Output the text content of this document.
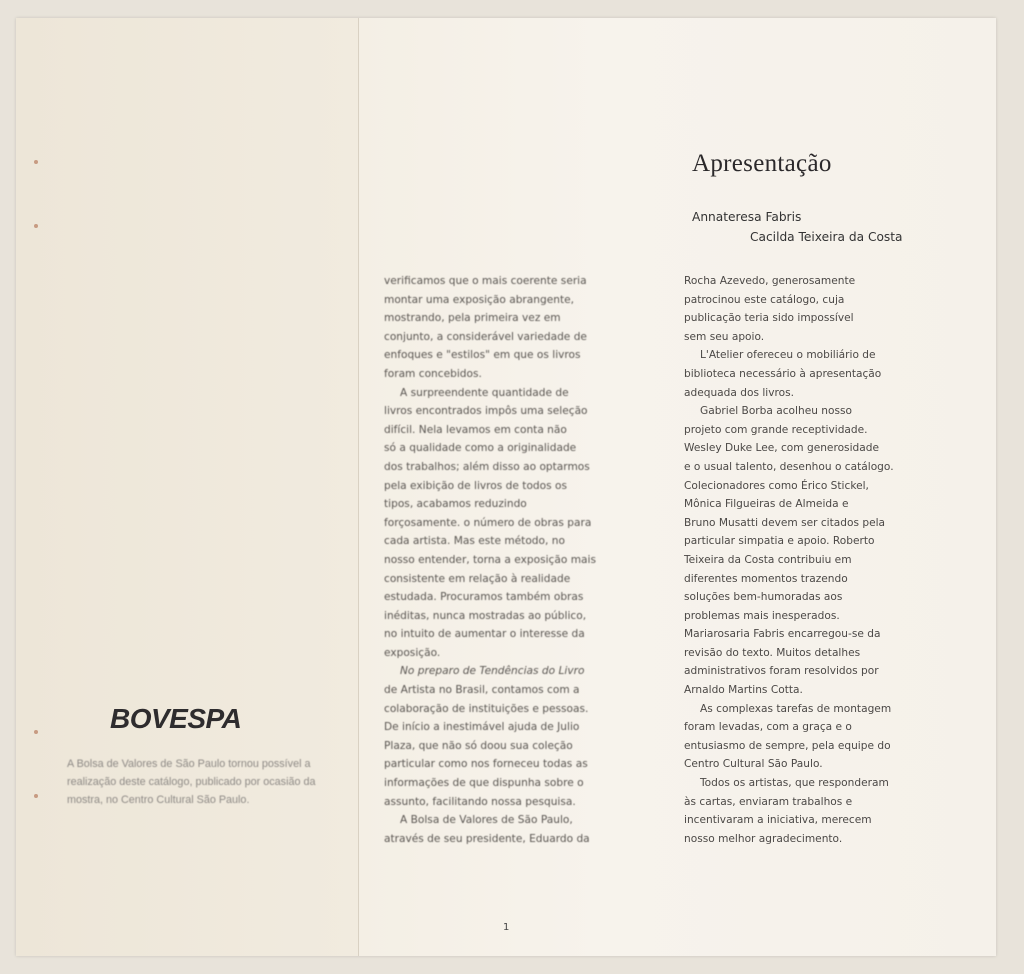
BOVESPA
A Bolsa de Valores de São Paulo tornou possível a realização deste catálogo, publicado por ocasião da mostra, no Centro Cultural São Paulo.
Apresentação
Annateresa Fabris
Cacilda Teixeira da Costa
verificamos que o mais coerente seria
montar uma exposição abrangente,
mostrando, pela primeira vez em
conjunto, a considerável variedade de
enfoques e "estilos" em que os livros
foram concebidos.
A surpreendente quantidade de
livros encontrados impôs uma seleção
difícil. Nela levamos em conta não
só a qualidade como a originalidade
dos trabalhos; além disso ao optarmos
pela exibição de livros de todos os
tipos, acabamos reduzindo
forçosamente. o número de obras para
cada artista. Mas este método, no
nosso entender, torna a exposição mais
consistente em relação à realidade
estudada. Procuramos também obras
inéditas, nunca mostradas ao público,
no intuito de aumentar o interesse da
exposição.
No preparo de Tendências do Livro
de Artista no Brasil, contamos com a
colaboração de instituições e pessoas.
De início a inestimável ajuda de Julio
Plaza, que não só doou sua coleção
particular como nos forneceu todas as
informações de que dispunha sobre o
assunto, facilitando nossa pesquisa.
A Bolsa de Valores de São Paulo,
através de seu presidente, Eduardo da
Rocha Azevedo, generosamente
patrocinou este catálogo, cuja
publicação teria sido impossível
sem seu apoio.
L'Atelier ofereceu o mobiliário de
biblioteca necessário à apresentação
adequada dos livros.
Gabriel Borba acolheu nosso
projeto com grande receptividade.
Wesley Duke Lee, com generosidade
e o usual talento, desenhou o catálogo.
Colecionadores como Érico Stickel,
Mônica Filgueiras de Almeida e
Bruno Musatti devem ser citados pela
particular simpatia e apoio. Roberto
Teixeira da Costa contribuiu em
diferentes momentos trazendo
soluções bem-humoradas aos
problemas mais inesperados.
Mariarosaria Fabris encarregou-se da
revisão do texto. Muitos detalhes
administrativos foram resolvidos por
Arnaldo Martins Cotta.
As complexas tarefas de montagem
foram levadas, com a graça e o
entusiasmo de sempre, pela equipe do
Centro Cultural São Paulo.
Todos os artistas, que responderam
às cartas, enviaram trabalhos e
incentivaram a iniciativa, merecem
nosso melhor agradecimento.
1
